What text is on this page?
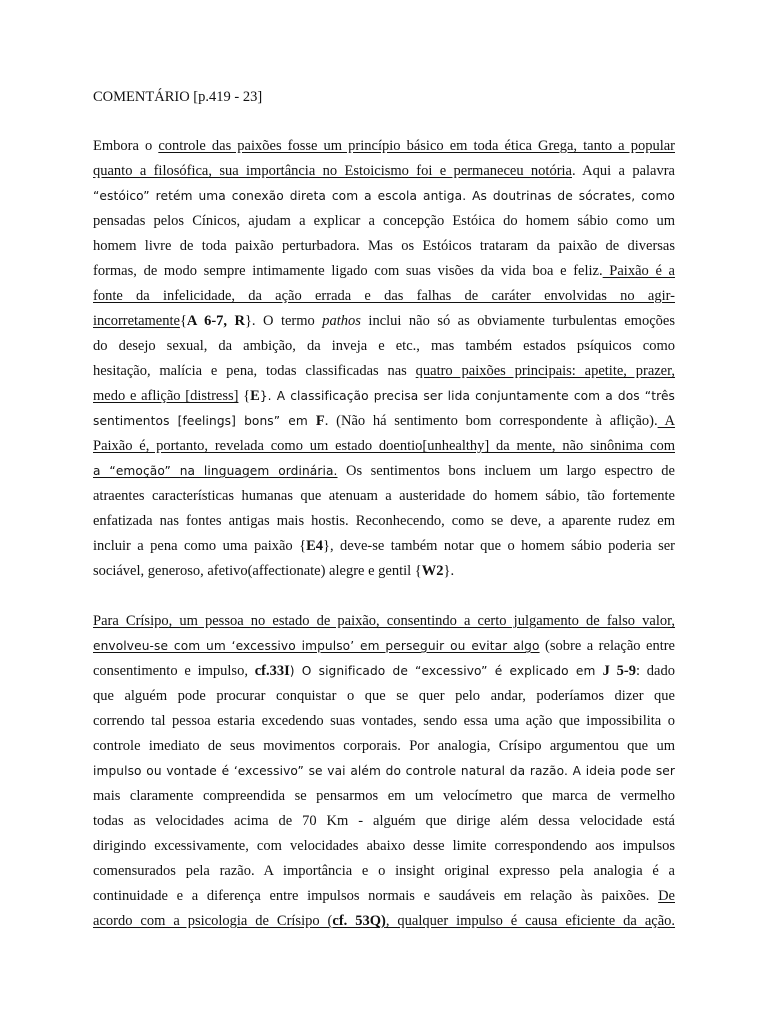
COMENTÁRIO [p.419 - 23]
Embora o controle das paixões fosse um princípio básico em toda ética Grega, tanto a popular
quanto a filosófica, sua importância no Estoicismo foi e permaneceu notória. Aqui a palavra
“estóico” retém uma conexão direta com a escola antiga. As doutrinas de sócrates, como
pensadas pelos Cínicos, ajudam a explicar a concepção Estóica do homem sábio como um
homem livre de toda paixão perturbadora. Mas os Estóicos trataram da paixão de diversas
formas, de modo sempre intimamente ligado com suas visões da vida boa e feliz. Paixão é a
fonte da infelicidade, da ação errada e das falhas de caráter envolvidas no agir-
incorretamente{A 6-7, R}. O termo pathos inclui não só as obviamente turbulentas emoções
do desejo sexual, da ambição, da inveja e etc., mas também estados psíquicos como
hesitação, malícia e pena, todas classificadas nas quatro paixões principais: apetite, prazer,
medo e aflição [distress] {E}. A classificação precisa ser lida conjuntamente com a dos “três
sentimentos [feelings] bons” em F. (Não há sentimento bom correspondente à aflição). A
Paixão é, portanto, revelada como um estado doentio[unhealthy] da mente, não sinônima com
a “emoção” na linguagem ordinária. Os sentimentos bons incluem um largo espectro de
atraentes características humanas que atenuam a austeridade do homem sábio, tão fortemente
enfatizada nas fontes antigas mais hostis. Reconhecendo, como se deve, a aparente rudez em
incluir a pena como uma paixão {E4}, deve-se também notar que o homem sábio poderia ser
sociável, generoso, afetivo(affectionate) alegre e gentil {W2}.
Para Crísipo, um pessoa no estado de paixão, consentindo a certo julgamento de falso valor,
envolveu-se com um ‘excessivo impulso’ em perseguir ou evitar algo (sobre a relação entre
consentimento e impulso, cf.33I) O significado de “excessivo” é explicado em J 5-9: dado
que alguém pode procurar conquistar o que se quer pelo andar, poderíamos dizer que
correndo tal pessoa estaria excedendo suas vontades, sendo essa uma ação que impossibilita o
controle imediato de seus movimentos corporais. Por analogia, Crísipo argumentou que um
impulso ou vontade é ‘excessivo” se vai além do controle natural da razão. A ideia pode ser
mais claramente compreendida se pensarmos em um velocímetro que marca de vermelho
todas as velocidades acima de 70 Km - alguém que dirige além dessa velocidade está
dirigindo excessivamente, com velocidades abaixo desse limite correspondendo aos impulsos
comensurados pela razão. A importância e o insight original expresso pela analogia é a
continuidade e a diferença entre impulsos normais e saudáveis em relação às paixões. De
acordo com a psicologia de Crísipo (cf. 53Q), qualquer impulso é causa eficiente da ação.
